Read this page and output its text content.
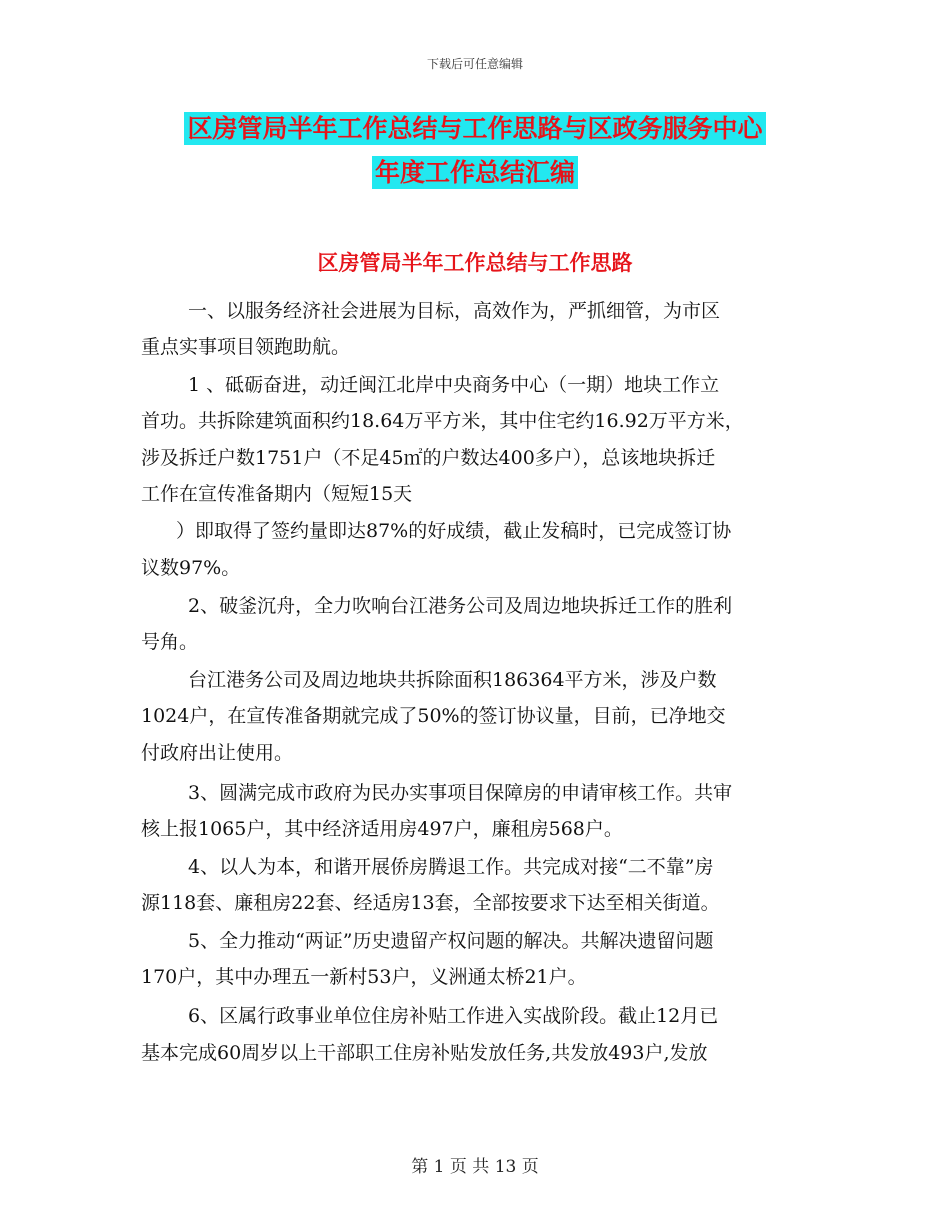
下载后可任意编辑
区房管局半年工作总结与工作思路与区政务服务中心
年度工作总结汇编
区房管局半年工作总结与工作思路
一、以服务经济社会进展为目标，高效作为，严抓细管，为市区
重点实事项目领跑助航。
1 、砥砺奋进，动迁闽江北岸中央商务中心（一期）地块工作立
首功。共拆除建筑面积约18.64万平方米，其中住宅约16.92万平方米，
涉及拆迁户数1751户（不足45㎡的户数达400多户），总该地块拆迁
工作在宣传准备期内（短短15天
）即取得了签约量即达87%的好成绩，截止发稿时，已完成签订协
议数97%。
2、破釜沉舟，全力吹响台江港务公司及周边地块拆迁工作的胜利
号角。
台江港务公司及周边地块共拆除面积186364平方米，涉及户数
1024户，在宣传准备期就完成了50%的签订协议量，目前，已净地交
付政府出让使用。
3、圆满完成市政府为民办实事项目保障房的申请审核工作。共审
核上报1065户，其中经济适用房497户，廉租房568户。
4、以人为本，和谐开展侨房腾退工作。共完成对接“二不靠”房
源118套、廉租房22套、经适房13套，全部按要求下达至相关街道。
5、全力推动“两证”历史遗留产权问题的解决。共解决遗留问题
170户，其中办理五一新村53户，义洲通太桥21户。
6、区属行政事业单位住房补贴工作进入实战阶段。截止12月已
基本完成60周岁以上干部职工住房补贴发放任务,共发放493户,发放
第 1 页 共 13 页
